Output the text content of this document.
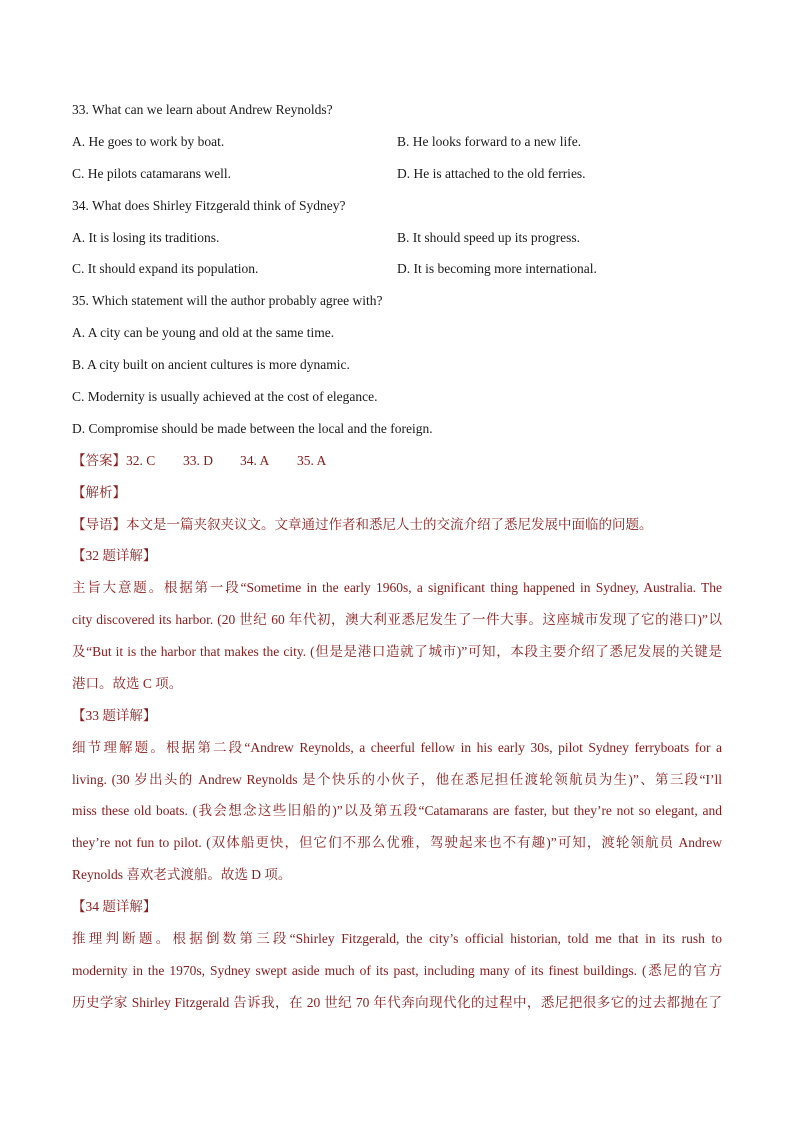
33. What can we learn about Andrew Reynolds?
A. He goes to work by boat.	B. He looks forward to a new life.
C. He pilots catamarans well.	D. He is attached to the old ferries.
34. What does Shirley Fitzgerald think of Sydney?
A. It is losing its traditions.	B. It should speed up its progress.
C. It should expand its population.	D. It is becoming more international.
35. Which statement will the author probably agree with?
A. A city can be young and old at the same time.
B. A city built on ancient cultures is more dynamic.
C. Modernity is usually achieved at the cost of elegance.
D. Compromise should be made between the local and the foreign.
【答案】32. C 33. D 34. A 35. A
【解析】
【导语】本文是一篇夹叙夹议文。文章通过作者和悉尼人士的交流介绍了悉尼发展中面临的问题。
【32 题详解】
主旨大意题。根据第一段“Sometime in the early 1960s, a significant thing happened in Sydney, Australia. The
city discovered its harbor. (20 世纪 60 年代初，澳大利亚悉尼发生了一件大事。这座城市发现了它的港口)”以
及“But it is the harbor that makes the city. (但是是港口造就了城市)”可知，本段主要介绍了悉尼发展的关键是
港口。故选 C 项。
【33 题详解】
细节理解题。根据第二段“Andrew Reynolds, a cheerful fellow in his early 30s, pilot Sydney ferryboats for a
living. (30 岁出头的 Andrew Reynolds 是个快乐的小伙子，他在悉尼担任渡轮领航员为生)”、第三段“I’ll
miss these old boats. (我会想念这些旧船的)”以及第五段“Catamarans are faster, but they’re not so elegant, and
they’re not fun to pilot. (双体船更快，但它们不那么优雅，驾驶起来也不有趣)”可知，渡轮领航员 Andrew
Reynolds 喜欢老式渡船。故选 D 项。
【34 题详解】
推理判断题。根据倒数第三段“Shirley Fitzgerald, the city’s official historian, told me that in its rush to
modernity in the 1970s, Sydney swept aside much of its past, including many of its finest buildings. (悉尼的官方
历史学家 Shirley Fitzgerald 告诉我，在 20 世纪 70 年代奔向现代化的过程中，悉尼把很多它的过去都抛在了
